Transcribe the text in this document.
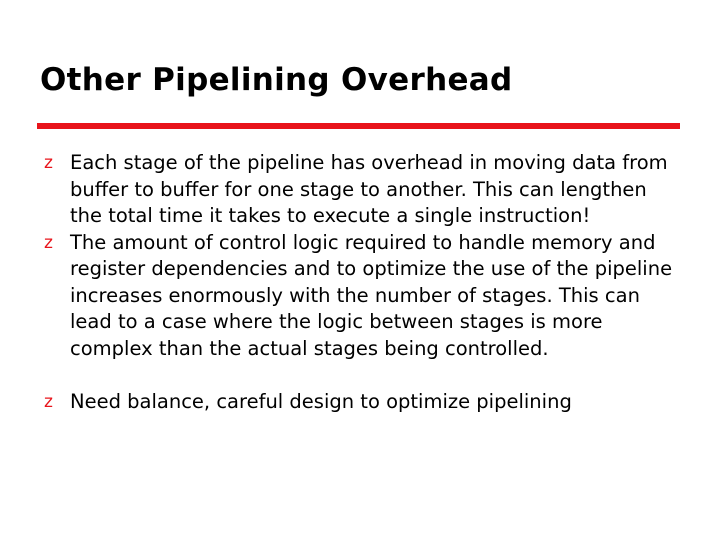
Other Pipelining Overhead
z Each stage of the pipeline has overhead in moving data from buffer to buffer for one stage to another. This can lengthen the total time it takes to execute a single instruction!
z The amount of control logic required to handle memory and register dependencies and to optimize the use of the pipeline increases enormously with the number of stages. This can lead to a case where the logic between stages is more complex than the actual stages being controlled.
z Need balance, careful design to optimize pipelining
